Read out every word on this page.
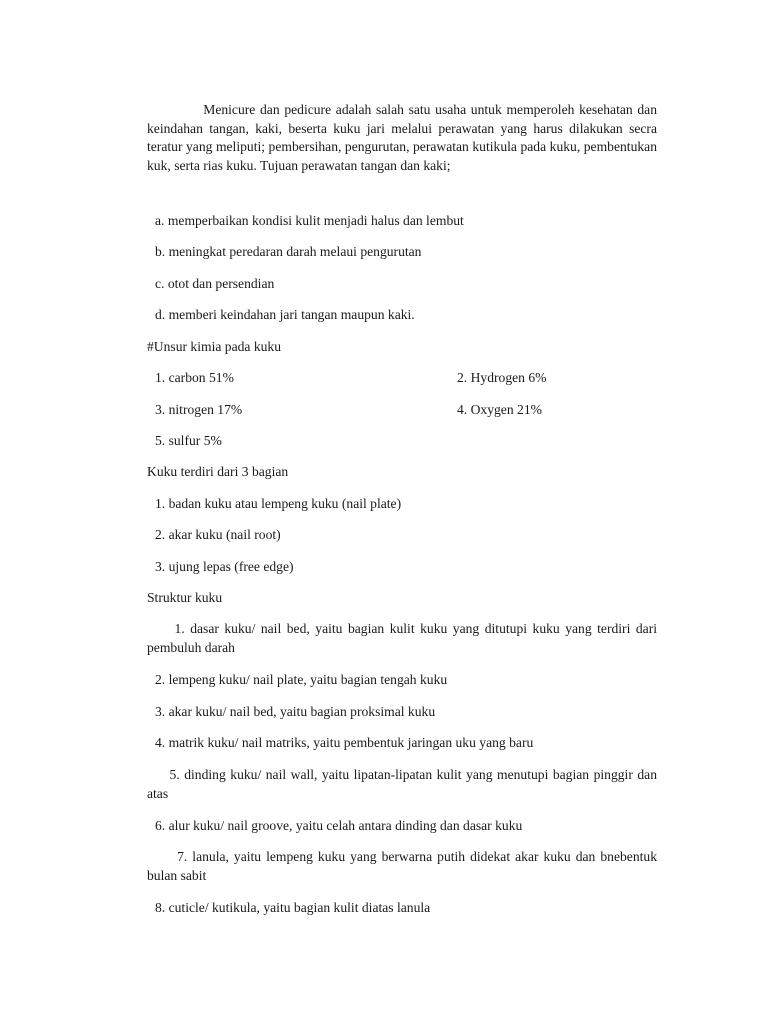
Menicure dan pedicure adalah salah satu usaha untuk memperoleh kesehatan dan keindahan tangan, kaki, beserta kuku jari melalui perawatan yang harus dilakukan secra teratur yang meliputi; pembersihan, pengurutan, perawatan kutikula pada kuku, pembentukan kuk, serta rias kuku. Tujuan perawatan tangan dan kaki;

a. memperbaikan kondisi kulit menjadi halus dan lembut

b. meningkat peredaran darah melaui pengurutan

c. otot dan persendian

d. memberi keindahan jari tangan maupun kaki.

#Unsur kimia pada kuku

1. carbon 51%	2. Hydrogen 6%

3. nitrogen 17%	4. Oxygen 21%

5. sulfur 5%

Kuku terdiri dari 3 bagian

1. badan kuku atau lempeng kuku (nail plate)

2. akar kuku (nail root)

3. ujung lepas (free edge)

Struktur kuku

1. dasar kuku/ nail bed, yaitu bagian kulit kuku yang ditutupi kuku yang terdiri dari pembuluh darah

2. lempeng kuku/ nail plate, yaitu bagian tengah kuku

3. akar kuku/ nail bed, yaitu bagian proksimal kuku

4. matrik kuku/ nail matriks, yaitu pembentuk jaringan uku yang baru

5. dinding kuku/ nail wall, yaitu lipatan-lipatan kulit yang menutupi bagian pinggir dan atas

6. alur kuku/ nail groove, yaitu celah antara dinding dan dasar kuku

7. lanula, yaitu lempeng kuku yang berwarna putih didekat akar kuku dan bnebentuk bulan sabit

8. cuticle/ kutikula, yaitu bagian kulit diatas lanula
